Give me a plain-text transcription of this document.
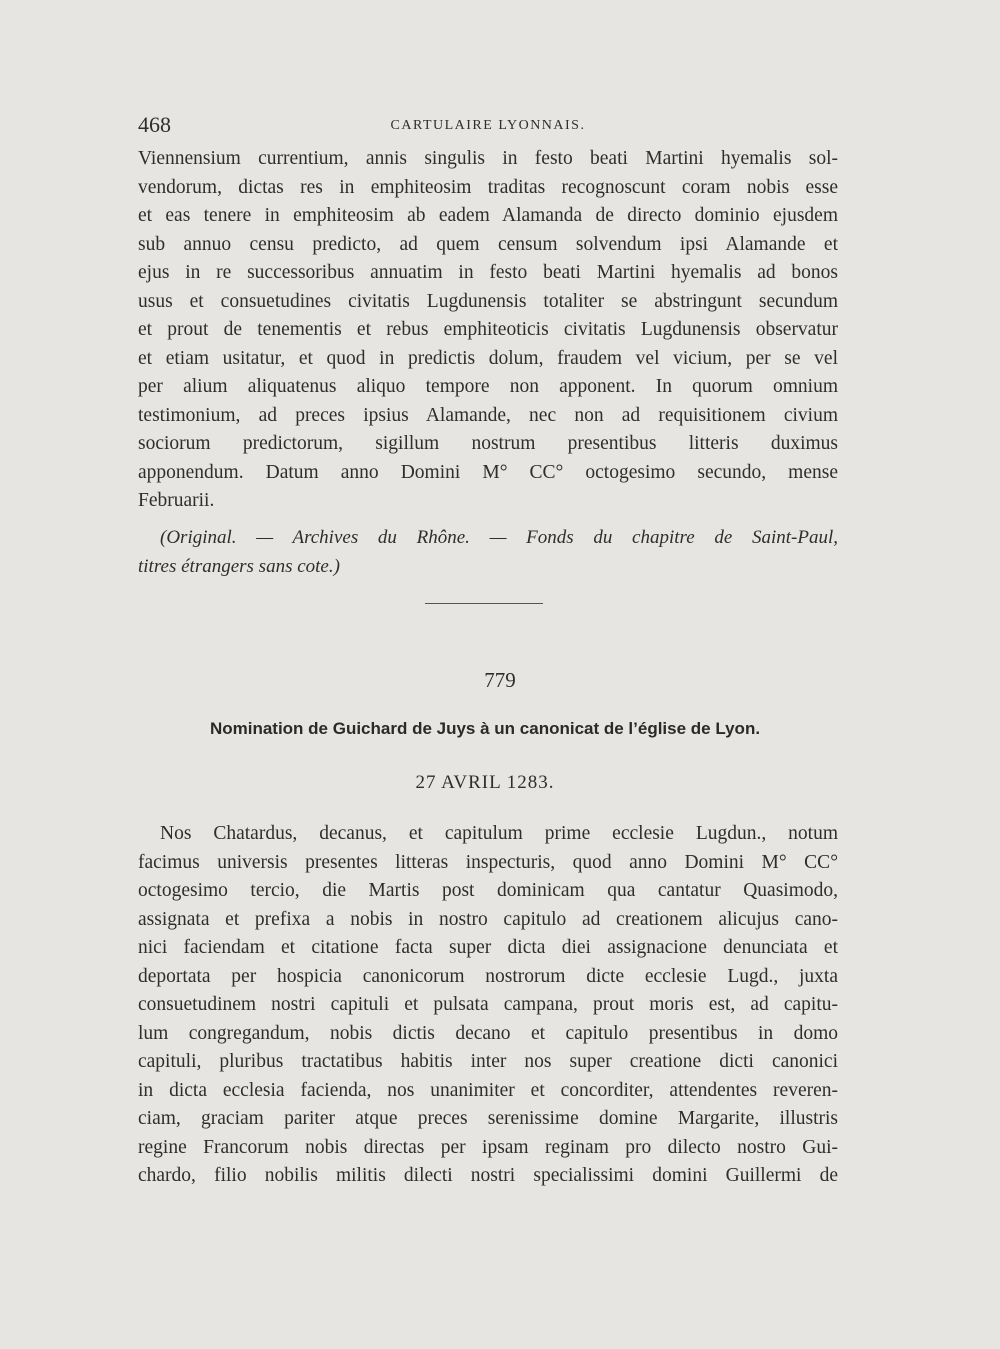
468	CARTULAIRE LYONNAIS.
Viennensium currentium, annis singulis in festo beati Martini hyemalis sol-
vendorum, dictas res in emphiteosim traditas recognoscunt coram nobis esse
et eas tenere in emphiteosim ab eadem Alamanda de directo dominio ejusdem
sub annuo censu predicto, ad quem censum solvendum ipsi Alamande et
ejus in re successoribus annuatim in festo beati Martini hyemalis ad bonos
usus et consuetudines civitatis Lugdunensis totaliter se abstringunt secundum
et prout de tenementis et rebus emphiteoticis civitatis Lugdunensis observatur
et etiam usitatur, et quod in predictis dolum, fraudem vel vicium, per se vel
per alium aliquatenus aliquo tempore non apponent. In quorum omnium
testimonium, ad preces ipsius Alamande, nec non ad requisitionem civium
sociorum predictorum, sigillum nostrum presentibus litteris duximus
apponendum. Datum anno Domini M° CC° octogesimo secundo, mense
Februarii.
(Original. — Archives du Rhône. — Fonds du chapitre de Saint-Paul,
titres étrangers sans cote.)
779
Nomination de Guichard de Juys à un canonicat de l’église de Lyon.
27 AVRIL 1283.
Nos Chatardus, decanus, et capitulum prime ecclesie Lugdun., notum
facimus universis presentes litteras inspecturis, quod anno Domini M° CC°
octogesimo tercio, die Martis post dominicam qua cantatur Quasimodo,
assignata et prefixa a nobis in nostro capitulo ad creationem alicujus cano-
nici faciendam et citatione facta super dicta diei assignacione denunciata et
deportata per hospicia canonicorum nostrorum dicte ecclesie Lugd., juxta
consuetudinem nostri capituli et pulsata campana, prout moris est, ad capitu-
lum congregandum, nobis dictis decano et capitulo presentibus in domo
capituli, pluribus tractatibus habitis inter nos super creatione dicti canonici
in dicta ecclesia facienda, nos unanimiter et concorditer, attendentes reveren-
ciam, graciam pariter atque preces serenissime domine Margarite, illustris
regine Francorum nobis directas per ipsam reginam pro dilecto nostro Gui-
chardo, filio nobilis militis dilecti nostri specialissimi domini Guillermi de
